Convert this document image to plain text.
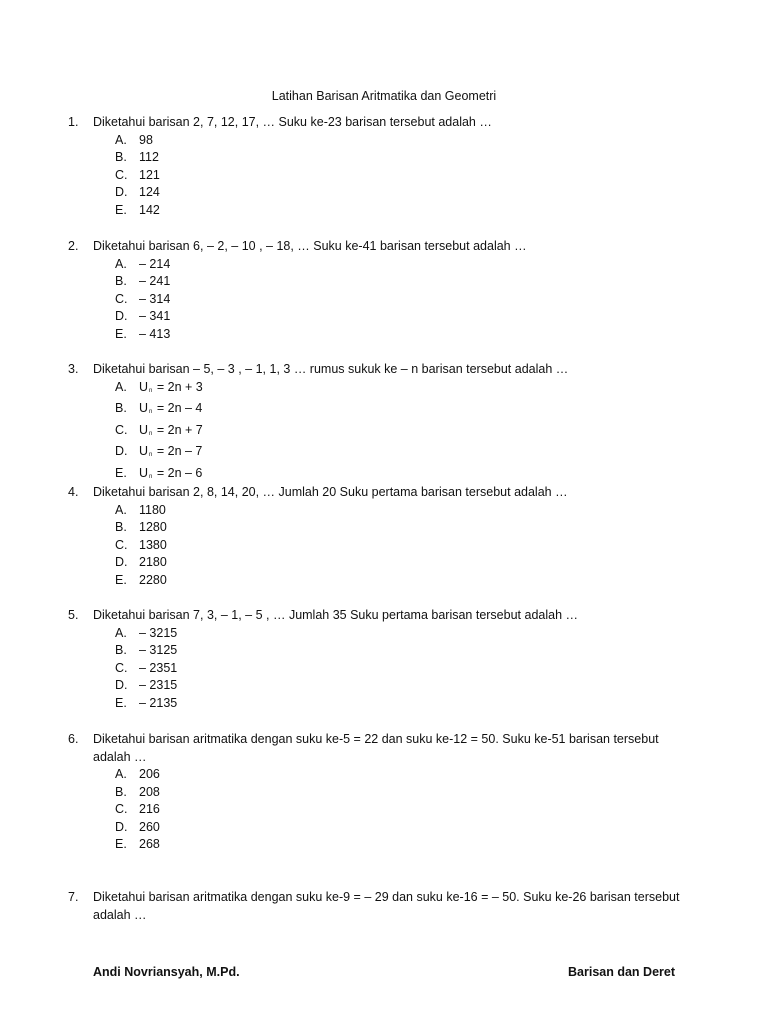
Latihan Barisan Aritmatika dan Geometri
1.	Diketahui barisan 2, 7, 12, 17, … Suku ke-23 barisan tersebut adalah …
A. 98
B. 112
C. 121
D. 124
E. 142
2.	Diketahui barisan 6, – 2, – 10 , – 18, … Suku ke-41 barisan tersebut adalah …
A. – 214
B. – 241
C. – 314
D. – 341
E. – 413
3.	Diketahui barisan – 5, – 3 , – 1, 1, 3 … rumus sukuk ke – n barisan tersebut adalah …
A. Un = 2n + 3
B. Un = 2n – 4
C. Un = 2n + 7
D. Un = 2n – 7
E. Un = 2n – 6
4.	Diketahui barisan 2, 8, 14, 20, … Jumlah 20 Suku pertama barisan tersebut adalah …
A. 1180
B. 1280
C. 1380
D. 2180
E. 2280
5.	Diketahui barisan 7, 3, – 1, – 5 , … Jumlah 35 Suku pertama barisan tersebut adalah …
A. – 3215
B. – 3125
C. – 2351
D. – 2315
E. – 2135
6.	Diketahui barisan aritmatika dengan suku ke-5 = 22 dan suku ke-12 = 50. Suku ke-51 barisan tersebut adalah …
A. 206
B. 208
C. 216
D. 260
E. 268
7.	Diketahui barisan aritmatika dengan suku ke-9 = – 29 dan suku ke-16 = – 50. Suku ke-26 barisan tersebut adalah …
Andi Novriansyah, M.Pd.	Barisan dan Deret
